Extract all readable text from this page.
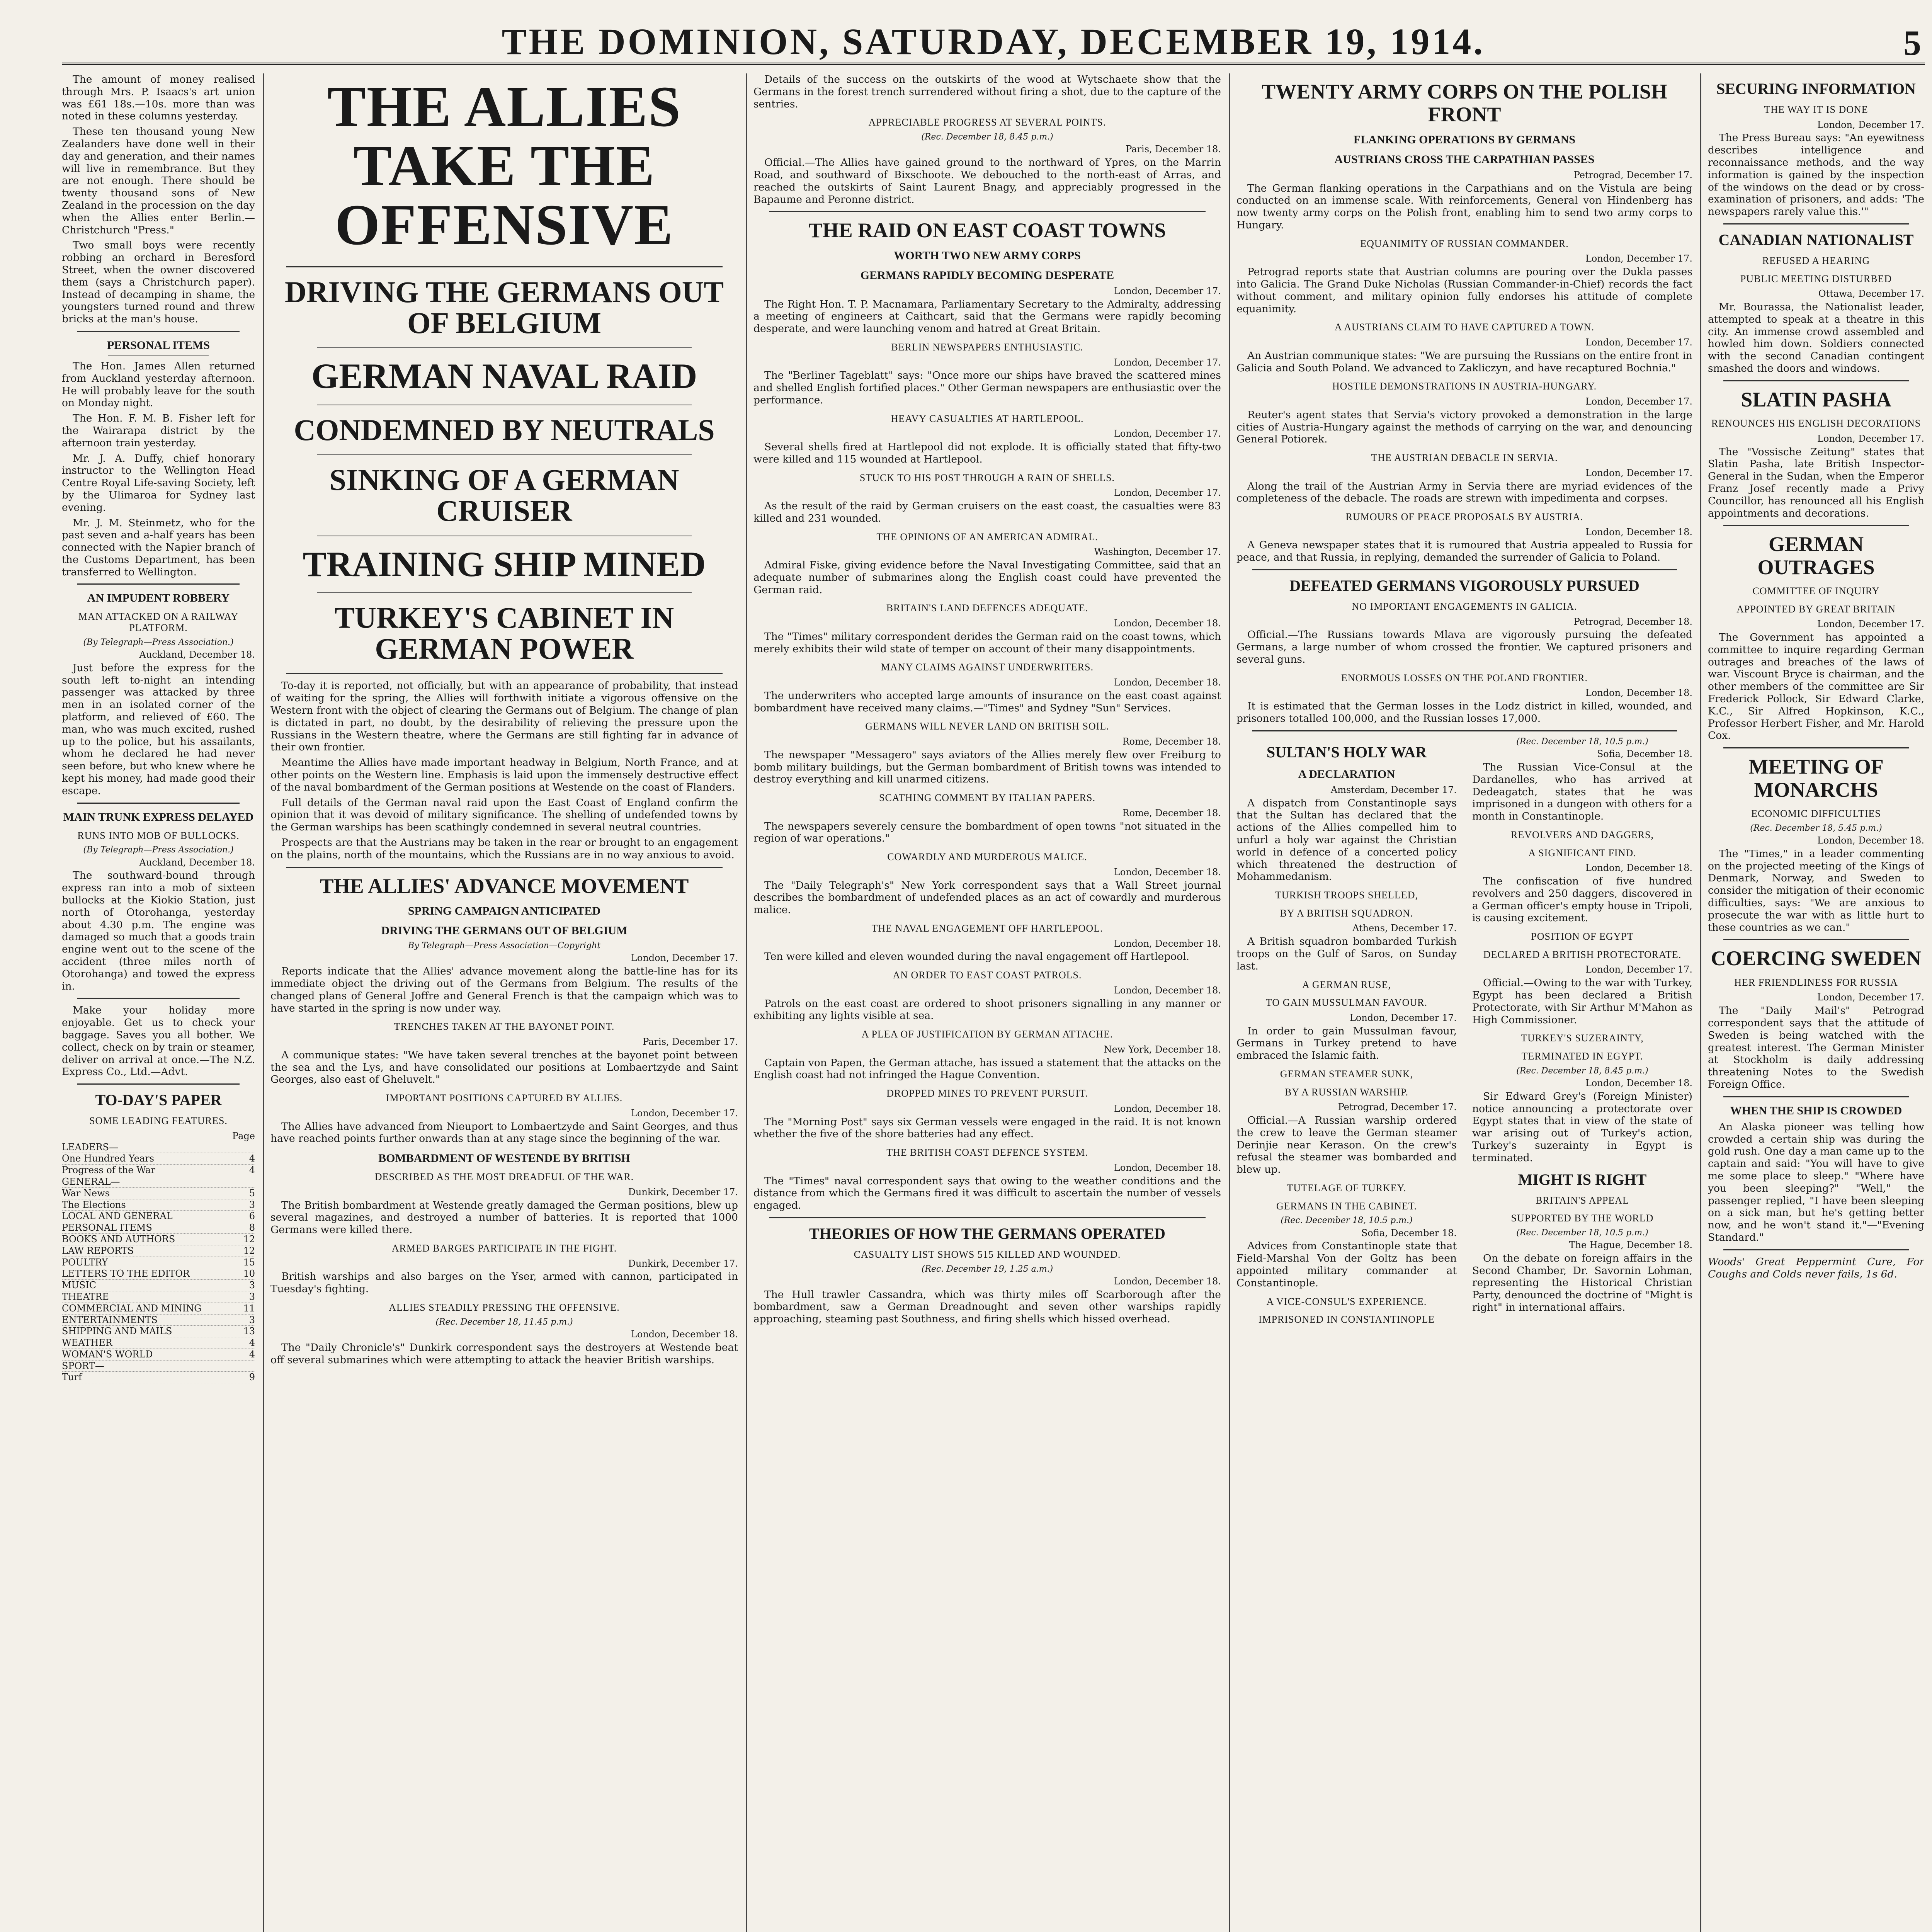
THE DOMINION, SATURDAY, DECEMBER 19, 1914.	5

The amount of money realised through Mrs. P. Isaacs's art union was £61 18s.—10s. more than was noted in these columns yesterday.

These ten thousand young New Zealanders have done well in their day and generation, and their names will live in remembrance. But they are not enough. There should be twenty thousand sons of New Zealand in the procession on the day when the Allies enter Berlin.—Christchurch "Press."

Two small boys were recently robbing an orchard in Beresford Street, when the owner discovered them (says a Christchurch paper). Instead of decamping in shame, the youngsters turned round and threw bricks at the man's house.

PERSONAL ITEMS

The Hon. James Allen returned from Auckland yesterday afternoon. He will probably leave for the south on Monday night.

The Hon. F. M. B. Fisher left for the Wairarapa district by the afternoon train yesterday.

Mr. J. A. Duffy, chief honorary instructor to the Wellington Head Centre Royal Life-saving Society, left by the Ulimaroa for Sydney last evening.

Mr. J. M. Steinmetz, who for the past seven and a-half years has been connected with the Napier branch of the Customs Department, has been transferred to Wellington.

AN IMPUDENT ROBBERY
MAN ATTACKED ON A RAILWAY PLATFORM.
(By Telegraph—Press Association.)
Auckland, December 18.

Just before the express for the south left to-night an intending passenger was attacked by three men in an isolated corner of the platform, and relieved of £60. The man, who was much excited, rushed up to the police, but his assailants, whom he declared he had never seen before, but who knew where he kept his money, had made good their escape.

MAIN TRUNK EXPRESS DELAYED
RUNS INTO MOB OF BULLOCKS.
(By Telegraph—Press Association.)
Auckland, December 18.

The southward-bound through express ran into a mob of sixteen bullocks at the Kiokio Station, just north of Otorohanga, yesterday about 4.30 p.m. The engine was damaged so much that a goods train engine went out to the scene of the accident (three miles north of Otorohanga) and towed the express in.

Make your holiday more enjoyable. Get us to check your baggage. Saves you all bother. We collect, check on by train or steamer, deliver on arrival at once.—The N.Z. Express Co., Ltd.—Advt.

TO-DAY'S PAPER
SOME LEADING FEATURES.
Page
LEADERS—
One Hundred Years	4
Progress of the War	4
GENERAL—
War News	5
The Elections	3
LOCAL AND GENERAL	6
PERSONAL ITEMS	8
BOOKS AND AUTHORS	12
LAW REPORTS	12
POULTRY	15
LETTERS TO THE EDITOR	10
MUSIC	3
THEATRE	3
COMMERCIAL AND MINING	11
ENTERTAINMENTS	3
SHIPPING AND MAILS	13
WEATHER	4
WOMAN'S WORLD	4
SPORT—
Turf	9
THE ALLIES TAKE THE OFFENSIVE
DRIVING THE GERMANS OUT OF BELGIUM
GERMAN NAVAL RAID
CONDEMNED BY NEUTRALS
SINKING OF A GERMAN CRUISER
TRAINING SHIP MINED
TURKEY'S CABINET IN GERMAN POWER

To-day it is reported, not officially, but with an appearance of probability, that instead of waiting for the spring, the Allies will forthwith initiate a vigorous offensive on the Western front with the object of clearing the Germans out of Belgium. The change of plan is dictated in part, no doubt, by the desirability of relieving the pressure upon the Russians in the Western theatre, where the Germans are still fighting far in advance of their own frontier.

Meantime the Allies have made important headway in Belgium, North France, and at other points on the Western line. Emphasis is laid upon the immensely destructive effect of the naval bombardment of the German positions at Westende on the coast of Flanders.

Full details of the German naval raid upon the East Coast of England confirm the opinion that it was devoid of military significance. The shelling of undefended towns by the German warships has been scathingly condemned in several neutral countries.

Prospects are that the Austrians may be taken in the rear or brought to an engagement on the plains, north of the mountains, which the Russians are in no way anxious to avoid.

THE ALLIES' ADVANCE MOVEMENT
SPRING CAMPAIGN ANTICIPATED
DRIVING THE GERMANS OUT OF BELGIUM
By Telegraph—Press Association—Copyright
London, December 17.

Reports indicate that the Allies' advance movement along the battle-line has for its immediate object the driving out of the Germans from Belgium. The results of the changed plans of General Joffre and General French is that the campaign which was to have started in the spring is now under way.

TRENCHES TAKEN AT THE BAYONET POINT.
Paris, December 17.

A communique states: "We have taken several trenches at the bayonet point between the sea and the Lys, and have consolidated our positions at Lombaertzyde and Saint Georges, also east of Gheluvelt."

IMPORTANT POSITIONS CAPTURED BY ALLIES.
London, December 17.

The Allies have advanced from Nieuport to Lombaertzyde and Saint Georges, and thus have reached points further onwards than at any stage since the beginning of the war.

BOMBARDMENT OF WESTENDE BY BRITISH
DESCRIBED AS THE MOST DREADFUL OF THE WAR.
Dunkirk, December 17.

The British bombardment at Westende greatly damaged the German positions, blew up several magazines, and destroyed a number of batteries. It is reported that 1000 Germans were killed there.

ARMED BARGES PARTICIPATE IN THE FIGHT.
Dunkirk, December 17.

British warships and also barges on the Yser, armed with cannon, participated in Tuesday's fighting.

ALLIES STEADILY PRESSING THE OFFENSIVE.
(Rec. December 18, 11.45 p.m.)
London, December 18.

The "Daily Chronicle's" Dunkirk correspondent says the destroyers at Westende beat off several submarines which were attempting to attack the heavier British warships.

Details of the success on the outskirts of the wood at Wytschaete show that the Germans in the forest trench surrendered without firing a shot, due to the capture of the sentries.

APPRECIABLE PROGRESS AT SEVERAL POINTS.
(Rec. December 18, 8.45 p.m.)
Paris, December 18.

Official.—The Allies have gained ground to the northward of Ypres, on the Marrin Road, and southward of Bixschoote. We debouched to the north-east of Arras, and reached the outskirts of Saint Laurent Bnagy, and appreciably progressed in the Bapaume and Peronne district.

THE RAID ON EAST COAST TOWNS
WORTH TWO NEW ARMY CORPS
GERMANS RAPIDLY BECOMING DESPERATE
London, December 17.

The Right Hon. T. P. Macnamara, Parliamentary Secretary to the Admiralty, addressing a meeting of engineers at Caithcart, said that the Germans were rapidly becoming desperate, and were launching venom and hatred at Great Britain.

BERLIN NEWSPAPERS ENTHUSIASTIC.
London, December 17.

The "Berliner Tageblatt" says: "Once more our ships have braved the scattered mines and shelled English fortified places." Other German newspapers are enthusiastic over the performance.

HEAVY CASUALTIES AT HARTLEPOOL.
London, December 17.

Several shells fired at Hartlepool did not explode. It is officially stated that fifty-two were killed and 115 wounded at Hartlepool.

STUCK TO HIS POST THROUGH A RAIN OF SHELLS.
London, December 17.

As the result of the raid by German cruisers on the east coast, the casualties were 83 killed and 231 wounded.

THE OPINIONS OF AN AMERICAN ADMIRAL.
Washington, December 17.

Admiral Fiske, giving evidence before the Naval Investigating Committee, said that an adequate number of submarines along the English coast could have prevented the German raid.

BRITAIN'S LAND DEFENCES ADEQUATE.
London, December 18.

The "Times" military correspondent derides the German raid on the coast towns, which merely exhibits their wild state of temper on account of their many disappointments.

MANY CLAIMS AGAINST UNDERWRITERS.
London, December 18.

The underwriters who accepted large amounts of insurance on the east coast against bombardment have received many claims.—"Times" and Sydney "Sun" Services.

GERMANS WILL NEVER LAND ON BRITISH SOIL.
Rome, December 18.

The newspaper "Messagero" says aviators of the Allies merely flew over Freiburg to bomb military buildings, but the German bombardment of British towns was intended to destroy everything and kill unarmed citizens.

SCATHING COMMENT BY ITALIAN PAPERS.
Rome, December 18.

The newspapers severely censure the bombardment of open towns "not situated in the region of war operations."

COWARDLY AND MURDEROUS MALICE.
London, December 18.

The "Daily Telegraph's" New York correspondent says that a Wall Street journal describes the bombardment of undefended places as an act of cowardly and murderous malice.

THE NAVAL ENGAGEMENT OFF HARTLEPOOL.
London, December 18.

Ten were killed and eleven wounded during the naval engagement off Hartlepool.

AN ORDER TO EAST COAST PATROLS.
London, December 18.

Patrols on the east coast are ordered to shoot prisoners signalling in any manner or exhibiting any lights visible at sea.

A PLEA OF JUSTIFICATION BY GERMAN ATTACHE.
New York, December 18.

Captain von Papen, the German attache, has issued a statement that the attacks on the English coast had not infringed the Hague Convention.

DROPPED MINES TO PREVENT PURSUIT.
London, December 18.

The "Morning Post" says six German vessels were engaged in the raid. It is not known whether the five of the shore batteries had any effect.

THE BRITISH COAST DEFENCE SYSTEM.
London, December 18.

The "Times" naval correspondent says that owing to the weather conditions and the distance from which the Germans fired it was difficult to ascertain the number of vessels engaged.

THEORIES OF HOW THE GERMANS OPERATED
CASUALTY LIST SHOWS 515 KILLED AND WOUNDED.
(Rec. December 19, 1.25 a.m.)
London, December 18.

The Hull trawler Cassandra, which was thirty miles off Scarborough after the bombardment, saw a German Dreadnought and seven other warships rapidly approaching, steaming past Southness, and firing shells which hissed overhead.

TWENTY ARMY CORPS ON THE POLISH FRONT
FLANKING OPERATIONS BY GERMANS
AUSTRIANS CROSS THE CARPATHIAN PASSES
Petrograd, December 17.

The German flanking operations in the Carpathians and on the Vistula are being conducted on an immense scale. With reinforcements, General von Hindenberg has now twenty army corps on the Polish front, enabling him to send two army corps to Hungary.

EQUANIMITY OF RUSSIAN COMMANDER.
London, December 17.

Petrograd reports state that Austrian columns are pouring over the Dukla passes into Galicia. The Grand Duke Nicholas (Russian Commander-in-Chief) records the fact without comment, and military opinion fully endorses his attitude of complete equanimity.

A AUSTRIANS CLAIM TO HAVE CAPTURED A TOWN.
London, December 17.

An Austrian communique states: "We are pursuing the Russians on the entire front in Galicia and South Poland. We advanced to Zakliczyn, and have recaptured Bochnia."

HOSTILE DEMONSTRATIONS IN AUSTRIA-HUNGARY.
London, December 17.

Reuter's agent states that Servia's victory provoked a demonstration in the large cities of Austria-Hungary against the methods of carrying on the war, and denouncing General Potiorek.

THE AUSTRIAN DEBACLE IN SERVIA.
London, December 17.

Along the trail of the Austrian Army in Servia there are myriad evidences of the completeness of the debacle. The roads are strewn with impedimenta and corpses.

RUMOURS OF PEACE PROPOSALS BY AUSTRIA.
London, December 18.

A Geneva newspaper states that it is rumoured that Austria appealed to Russia for peace, and that Russia, in replying, demanded the surrender of Galicia to Poland.

DEFEATED GERMANS VIGOROUSLY PURSUED
NO IMPORTANT ENGAGEMENTS IN GALICIA.
Petrograd, December 18.

Official.—The Russians towards Mlava are vigorously pursuing the defeated Germans, a large number of whom crossed the frontier. We captured prisoners and several guns.

ENORMOUS LOSSES ON THE POLAND FRONTIER.
London, December 18.

It is estimated that the German losses in the Lodz district in killed, wounded, and prisoners totalled 100,000, and the Russian losses 17,000.

SULTAN'S HOLY WAR
A DECLARATION
Amsterdam, December 17.

A dispatch from Constantinople says that the Sultan has declared that the actions of the Allies compelled him to unfurl a holy war against the Christian world in defence of a concerted policy which threatened the destruction of Mohammedanism.

TURKISH TROOPS SHELLED,
BY A BRITISH SQUADRON.
Athens, December 17.

A British squadron bombarded Turkish troops on the Gulf of Saros, on Sunday last.

A GERMAN RUSE,
TO GAIN MUSSULMAN FAVOUR.
London, December 17.

In order to gain Mussulman favour, Germans in Turkey pretend to have embraced the Islamic faith.

GERMAN STEAMER SUNK,
BY A RUSSIAN WARSHIP.
Petrograd, December 17.

Official.—A Russian warship ordered the crew to leave the German steamer Derinjie near Kerason. On the crew's refusal the steamer was bombarded and blew up.

TUTELAGE OF TURKEY.
GERMANS IN THE CABINET.
(Rec. December 18, 10.5 p.m.)
Sofia, December 18.

Advices from Constantinople state that Field-Marshal Von der Goltz has been appointed military commander at Constantinople.

A VICE-CONSUL'S EXPERIENCE.
IMPRISONED IN CONSTANTINOPLE
(Rec. December 18, 10.5 p.m.)
Sofia, December 18.

The Russian Vice-Consul at the Dardanelles, who has arrived at Dedeagatch, states that he was imprisoned in a dungeon with others for a month in Constantinople.

REVOLVERS AND DAGGERS,
A SIGNIFICANT FIND.
London, December 18.

The confiscation of five hundred revolvers and 250 daggers, discovered in a German officer's empty house in Tripoli, is causing excitement.

POSITION OF EGYPT
DECLARED A BRITISH PROTECTORATE.
London, December 17.

Official.—Owing to the war with Turkey, Egypt has been declared a British Protectorate, with Sir Arthur M'Mahon as High Commissioner.

TURKEY'S SUZERAINTY,
TERMINATED IN EGYPT.
(Rec. December 18, 8.45 p.m.)
London, December 18.

Sir Edward Grey's (Foreign Minister) notice announcing a protectorate over Egypt states that in view of the state of war arising out of Turkey's action, Turkey's suzerainty in Egypt is terminated.

MIGHT IS RIGHT
BRITAIN'S APPEAL
SUPPORTED BY THE WORLD
(Rec. December 18, 10.5 p.m.)
The Hague, December 18.

On the debate on foreign affairs in the Second Chamber, Dr. Savornin Lohman, representing the Historical Christian Party, denounced the doctrine of "Might is right" in international affairs.

SECURING INFORMATION
THE WAY IT IS DONE
London, December 17.

The Press Bureau says: "An eyewitness describes intelligence and reconnaissance methods, and the way information is gained by the inspection of the windows on the dead or by cross-examination of prisoners, and adds: 'The newspapers rarely value this.'"

CANADIAN NATIONALIST
REFUSED A HEARING
PUBLIC MEETING DISTURBED
Ottawa, December 17.

Mr. Bourassa, the Nationalist leader, attempted to speak at a theatre in this city. An immense crowd assembled and howled him down. Soldiers connected with the second Canadian contingent smashed the doors and windows.

SLATIN PASHA
RENOUNCES HIS ENGLISH DECORATIONS
London, December 17.

The "Vossische Zeitung" states that Slatin Pasha, late British Inspector-General in the Sudan, when the Emperor Franz Josef recently made a Privy Councillor, has renounced all his English appointments and decorations.

GERMAN OUTRAGES
COMMITTEE OF INQUIRY
APPOINTED BY GREAT BRITAIN
London, December 17.

The Government has appointed a committee to inquire regarding German outrages and breaches of the laws of war. Viscount Bryce is chairman, and the other members of the committee are Sir Frederick Pollock, Sir Edward Clarke, K.C., Sir Alfred Hopkinson, K.C., Professor Herbert Fisher, and Mr. Harold Cox.

MEETING OF MONARCHS
ECONOMIC DIFFICULTIES
(Rec. December 18, 5.45 p.m.)
London, December 18.

The "Times," in a leader commenting on the projected meeting of the Kings of Denmark, Norway, and Sweden to consider the mitigation of their economic difficulties, says: "We are anxious to prosecute the war with as little hurt to these countries as we can."

COERCING SWEDEN
HER FRIENDLINESS FOR RUSSIA
London, December 17.

The "Daily Mail's" Petrograd correspondent says that the attitude of Sweden is being watched with the greatest interest. The German Minister at Stockholm is daily addressing threatening Notes to the Swedish Foreign Office.

WHEN THE SHIP IS CROWDED

An Alaska pioneer was telling how crowded a certain ship was during the gold rush. One day a man came up to the captain and said: "You will have to give me some place to sleep." "Where have you been sleeping?" "Well," the passenger replied, "I have been sleeping on a sick man, but he's getting better now, and he won't stand it."—"Evening Standard."

Woods' Great Peppermint Cure, For Coughs and Colds never fails, 1s 6d.
